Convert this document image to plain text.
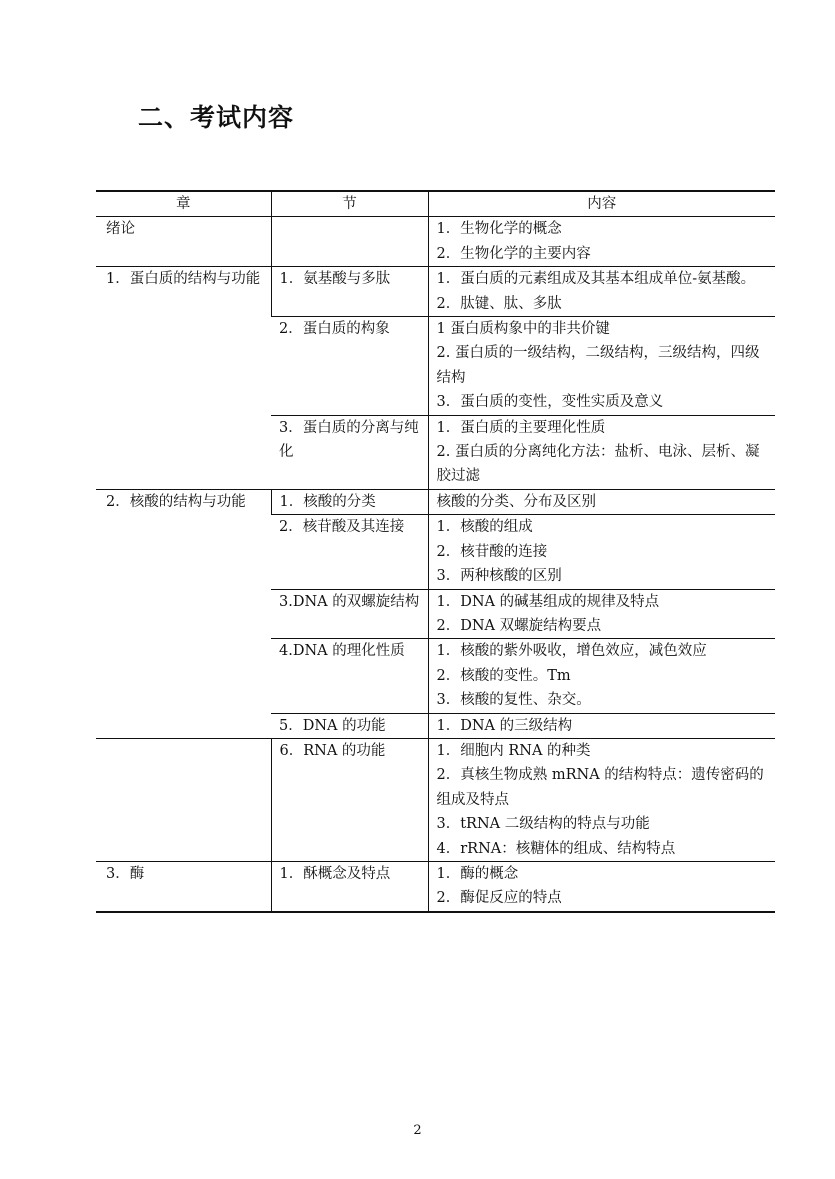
二、考试内容
章	节	内容
绪论		1．生物化学的概念
2．生物化学的主要内容

1．蛋白质的结构与功能	1．氨基酸与多肽	1．蛋白质的元素组成及其基本组成单位-氨基酸。
2．肽键、肽、多肽

	2．蛋白质的构象	1 蛋白质构象中的非共价键
2. 蛋白质的一级结构，二级结构，三级结构，四级结构
3．蛋白质的变性，变性实质及意义

	3．蛋白质的分离与纯化	1．蛋白质的主要理化性质
2. 蛋白质的分离纯化方法：盐析、电泳、层析、凝胶过滤

2．核酸的结构与功能	1．核酸的分类	核酸的分类、分布及区别

	2．核苷酸及其连接	1．核酸的组成
2．核苷酸的连接
3．两种核酸的区别

	3.DNA 的双螺旋结构	1．DNA 的碱基组成的规律及特点
2．DNA 双螺旋结构要点

	4.DNA 的理化性质	1．核酸的紫外吸收，增色效应，减色效应
2．核酸的变性。Tm
3．核酸的复性、杂交。

	5．DNA 的功能	1．DNA 的三级结构

	6．RNA 的功能	1．细胞内 RNA 的种类
2．真核生物成熟 mRNA 的结构特点：遗传密码的组成及特点
3．tRNA 二级结构的特点与功能
4．rRNA：核糖体的组成、结构特点

3．酶	1．酥概念及特点	1．酶的概念
2．酶促反应的特点
2
